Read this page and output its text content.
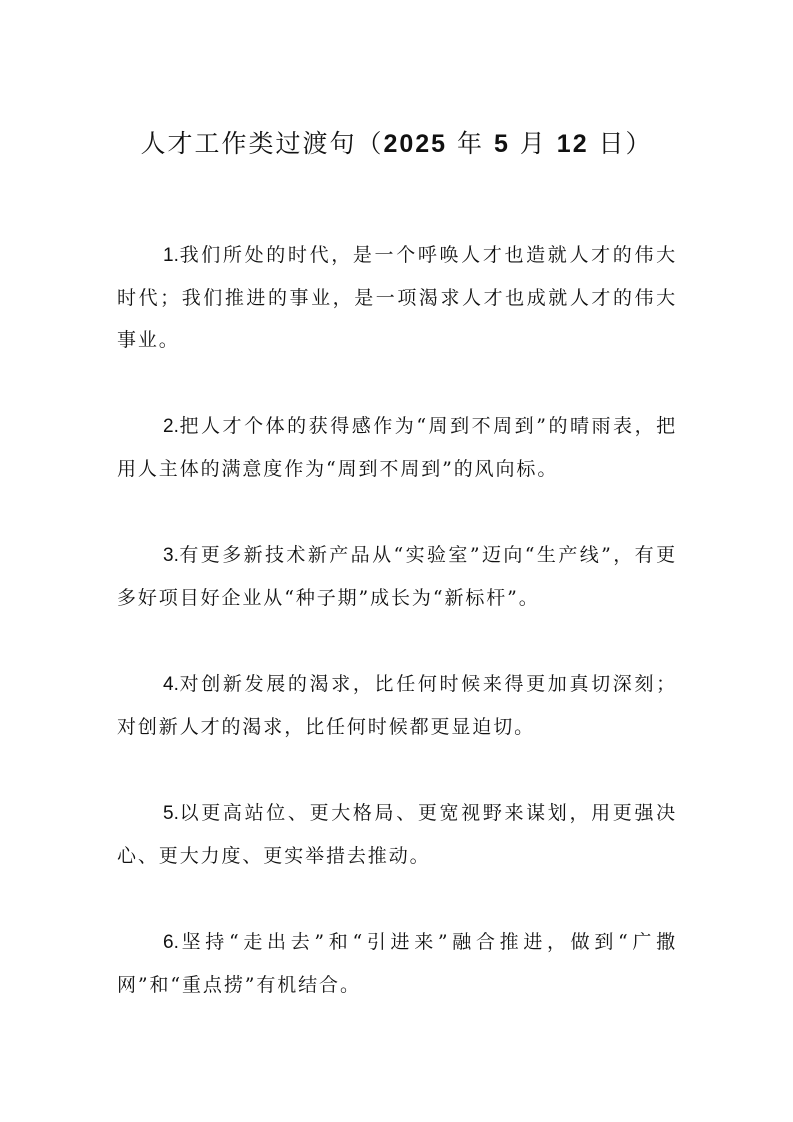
人才工作类过渡句（2025 年 5 月 12 日）

1.我们所处的时代，是一个呼唤人才也造就人才的伟大时代；我们推进的事业，是一项渴求人才也成就人才的伟大事业。

2.把人才个体的获得感作为“周到不周到”的晴雨表，把用人主体的满意度作为“周到不周到”的风向标。

3.有更多新技术新产品从“实验室”迈向“生产线”，有更多好项目好企业从“种子期”成长为“新标杆”。

4.对创新发展的渴求，比任何时候来得更加真切深刻；对创新人才的渴求，比任何时候都更显迫切。

5.以更高站位、更大格局、更宽视野来谋划，用更强决心、更大力度、更实举措去推动。

6.坚持“走出去”和“引进来”融合推进，做到“广撒网”和“重点捞”有机结合。
